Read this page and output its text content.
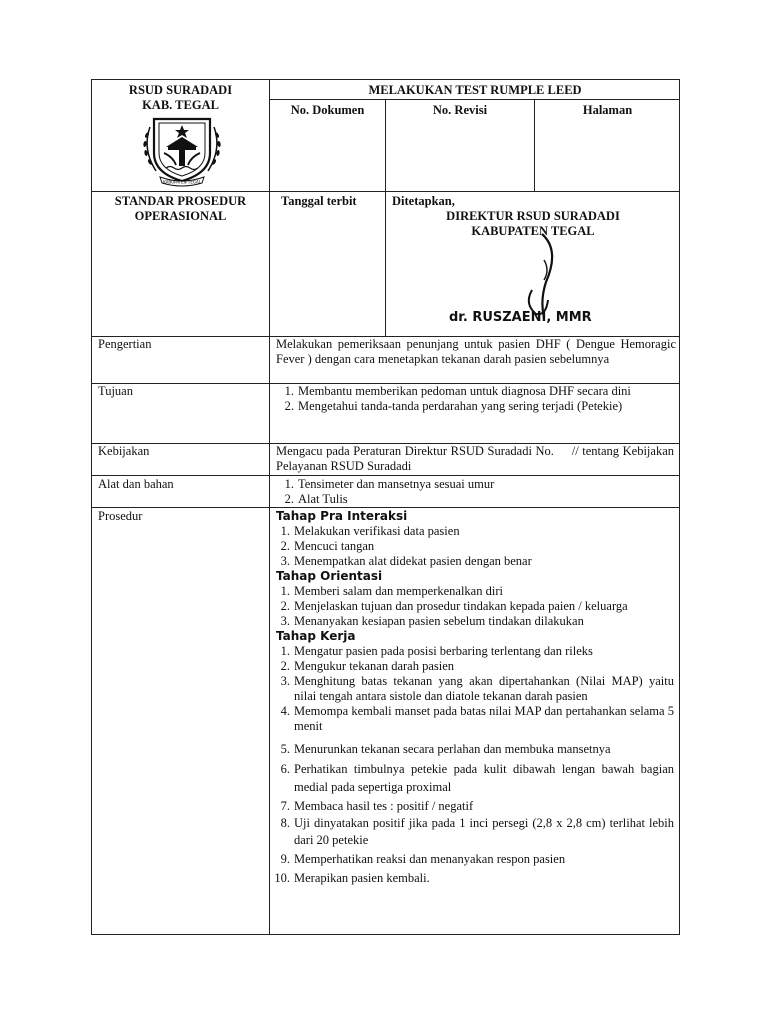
RSUD SURADADI
KAB. TEGAL
KABUPATEN TEGAL
MELAKUKAN TEST RUMPLE LEED
No. Dokumen	No. Revisi	Halaman
STANDAR PROSEDUR
OPERASIONAL
Tanggal terbit	Ditetapkan,
DIREKTUR RSUD SURADADI
KABUPATEN TEGAL
dr. RUSZAENI, MMR
Pengertian	Melakukan pemeriksaan penunjang untuk pasien DHF ( Dengue Hemoragic Fever ) dengan cara menetapkan tekanan darah pasien sebelumnya
Tujuan	1. Membantu memberikan pedoman untuk diagnosa DHF secara dini
2. Mengetahui tanda-tanda perdarahan yang sering terjadi (Petekie)
Kebijakan	Mengacu pada Peraturan Direktur RSUD Suradadi No.     // tentang Kebijakan Pelayanan RSUD Suradadi
Alat dan bahan	1. Tensimeter dan mansetnya sesuai umur
2. Alat Tulis
Prosedur	Tahap Pra Interaksi
1. Melakukan verifikasi data pasien
2. Mencuci tangan
3. Menempatkan alat didekat pasien dengan benar
Tahap Orientasi
1. Memberi salam dan memperkenalkan diri
2. Menjelaskan tujuan dan prosedur tindakan kepada paien / keluarga
3. Menanyakan kesiapan pasien sebelum tindakan dilakukan
Tahap Kerja
1. Mengatur pasien pada posisi berbaring terlentang dan rileks
2. Mengukur tekanan darah pasien
3. Menghitung batas tekanan yang akan dipertahankan (Nilai MAP) yaitu nilai tengah antara sistole dan diatole tekanan darah pasien
4. Memompa kembali manset pada batas nilai MAP dan pertahankan selama 5 menit
5. Menurunkan tekanan secara perlahan dan membuka mansetnya
6. Perhatikan timbulnya petekie pada kulit dibawah lengan bawah bagian medial pada sepertiga proximal
7. Membaca hasil tes : positif / negatif
8. Uji dinyatakan positif jika pada 1 inci persegi (2,8 x 2,8 cm) terlihat lebih dari 20 petekie
9. Memperhatikan reaksi dan menanyakan respon pasien
10. Merapikan pasien kembali.
